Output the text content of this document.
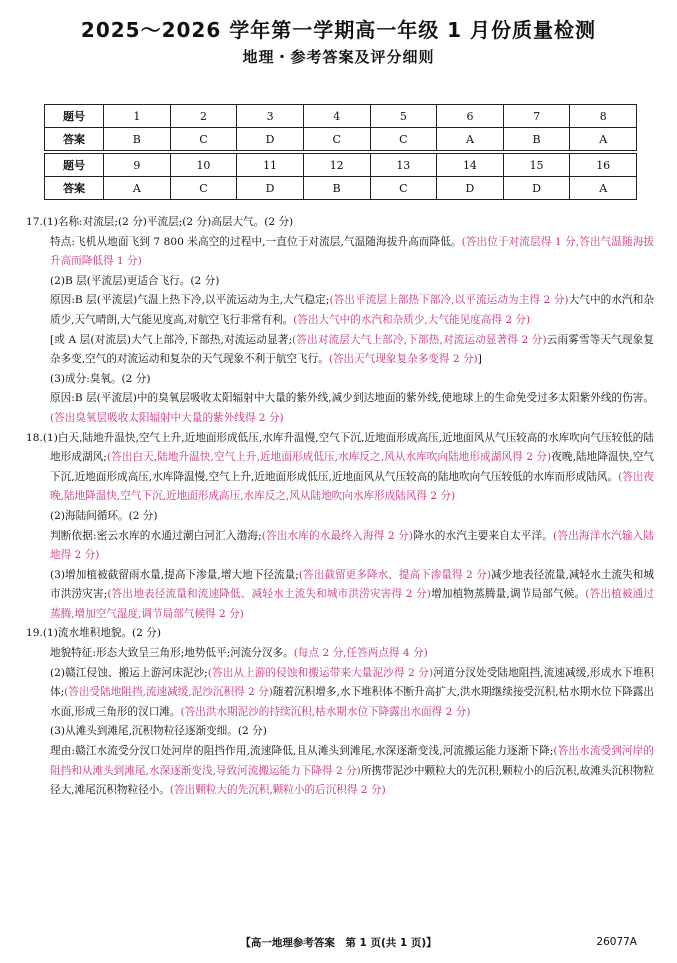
2025～2026 学年第一学期高一年级 1 月份质量检测
地理・参考答案及评分细则
题号	1	2	3	4	5	6	7	8
答案	B	C	D	C	C	A	B	A

题号	9	10	11	12	13	14	15	16
答案	A	C	D	B	C	D	D	A

17.(1)名称:对流层;(2 分)平流层;(2 分)高层大气。(2 分)

特点:飞机从地面飞到 7 800 米高空的过程中,一直位于对流层,气温随海拔升高而降低。(答出位于对流层得 1 分,答出气温随海拔升高而降低得 1 分)

(2)B 层(平流层)更适合飞行。(2 分)

原因:B 层(平流层)气温上热下冷,以平流运动为主,大气稳定;(答出平流层上部热下部冷,以平流运动为主得 2 分)大气中的水汽和杂质少,天气晴朗,大气能见度高,对航空飞行非常有利。(答出大气中的水汽和杂质少,大气能见度高得 2 分)

[或 A 层(对流层)大气上部冷,下部热,对流运动显著;(答出对流层大气上部冷,下部热,对流运动显著得 2 分)云雨雾雪等天气现象复杂多变,空气的对流运动和复杂的天气现象不利于航空飞行。(答出天气现象复杂多变得 2 分)]

(3)成分:臭氧。(2 分)

原因:B 层(平流层)中的臭氧层吸收太阳辐射中大量的紫外线,减少到达地面的紫外线,使地球上的生命免受过多太阳紫外线的伤害。(答出臭氧层吸收太阳辐射中大量的紫外线得 2 分)

18.(1)白天,陆地升温快,空气上升,近地面形成低压,水库升温慢,空气下沉,近地面形成高压,近地面风从气压较高的水库吹向气压较低的陆地形成湖风;(答出白天,陆地升温快,空气上升,近地面形成低压,水库反之,风从水库吹向陆地形成湖风得 2 分)夜晚,陆地降温快,空气下沉,近地面形成高压,水库降温慢,空气上升,近地面形成低压,近地面风从气压较高的陆地吹向气压较低的水库而形成陆风。(答出夜晚,陆地降温快,空气下沉,近地面形成高压,水库反之,风从陆地吹向水库形成陆风得 2 分)

(2)海陆间循环。(2 分)

判断依据:密云水库的水通过潮白河汇入渤海;(答出水库的水最终入海得 2 分)降水的水汽主要来自太平洋。(答出海洋水汽输入陆地得 2 分)

(3)增加植被截留雨水量,提高下渗量,增大地下径流量;(答出截留更多降水、提高下渗量得 2 分)减少地表径流量,减轻水土流失和城市洪涝灾害;(答出地表径流量和流速降低、减轻水土流失和城市洪涝灾害得 2 分)增加植物蒸腾量,调节局部气候。(答出植被通过蒸腾,增加空气湿度,调节局部气候得 2 分)

19.(1)流水堆积地貌。(2 分)

地貌特征:形态大致呈三角形;地势低平;河流分汊多。(每点 2 分,任答两点得 4 分)

(2)赣江侵蚀、搬运上游河床泥沙;(答出从上游的侵蚀和搬运带来大量泥沙得 2 分)河道分汊处受陆地阻挡,流速减缓,形成水下堆积体;(答出受陆地阻挡,流速减缓,泥沙沉积得 2 分)随着沉积增多,水下堆积体不断升高扩大,洪水期继续接受沉积,枯水期水位下降露出水面,形成三角形的汊口滩。(答出洪水期泥沙的持续沉积,枯水期水位下降露出水面得 2 分)

(3)从滩头到滩尾,沉积物粒径逐渐变细。(2 分)

理由:赣江水流受分汊口处河岸的阻挡作用,流速降低,且从滩头到滩尾,水深逐渐变浅,河流搬运能力逐渐下降;(答出水流受到河岸的阻挡和从滩头到滩尾,水深逐渐变浅,导致河流搬运能力下降得 2 分)所携带泥沙中颗粒大的先沉积,颗粒小的后沉积,故滩头沉积物粒径大,滩尾沉积物粒径小。(答出颗粒大的先沉积,颗粒小的后沉积得 2 分)

【高一地理参考答案　第 1 页(共 1 页)】	26077A
